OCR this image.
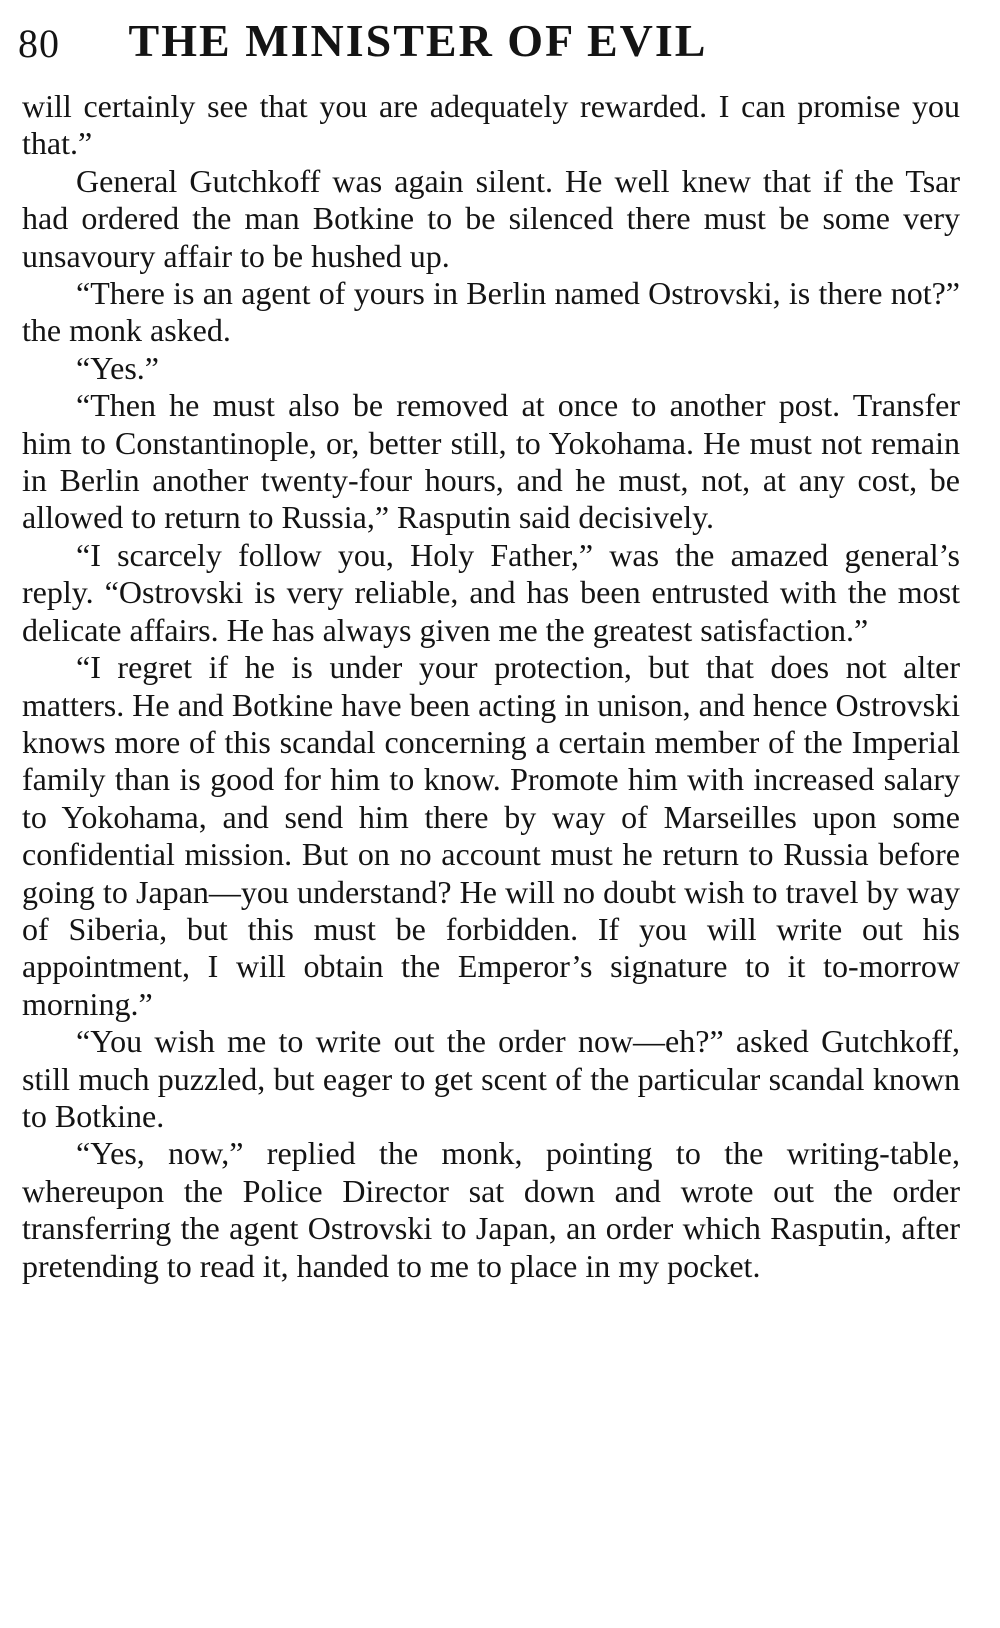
80	THE MINISTER OF EVIL

will certainly see that you are adequately rewarded. I can promise you that.”

General Gutchkoff was again silent. He well knew that if the Tsar had ordered the man Botkine to be silenced there must be some very unsavoury affair to be hushed up.

“There is an agent of yours in Berlin named Ostrovski, is there not?” the monk asked.

“Yes.”

“Then he must also be removed at once to another post. Transfer him to Constantinople, or, better still, to Yokohama. He must not remain in Berlin another twenty-four hours, and he must, not, at any cost, be allowed to return to Russia,” Rasputin said decisively.

“I scarcely follow you, Holy Father,” was the amazed general’s reply. “Ostrovski is very reliable, and has been entrusted with the most delicate affairs. He has always given me the greatest satisfaction.”

“I regret if he is under your protection, but that does not alter matters. He and Botkine have been acting in unison, and hence Ostrovski knows more of this scandal concerning a certain member of the Imperial family than is good for him to know. Promote him with increased salary to Yokohama, and send him there by way of Marseilles upon some confidential mission. But on no account must he return to Russia before going to Japan—you understand? He will no doubt wish to travel by way of Siberia, but this must be forbidden. If you will write out his appointment, I will obtain the Emperor’s signature to it to-morrow morning.”

“You wish me to write out the order now—eh?” asked Gutchkoff, still much puzzled, but eager to get scent of the particular scandal known to Botkine.

“Yes, now,” replied the monk, pointing to the writing-table, whereupon the Police Director sat down and wrote out the order transferring the agent Ostrovski to Japan, an order which Rasputin, after pretending to read it, handed to me to place in my pocket.
